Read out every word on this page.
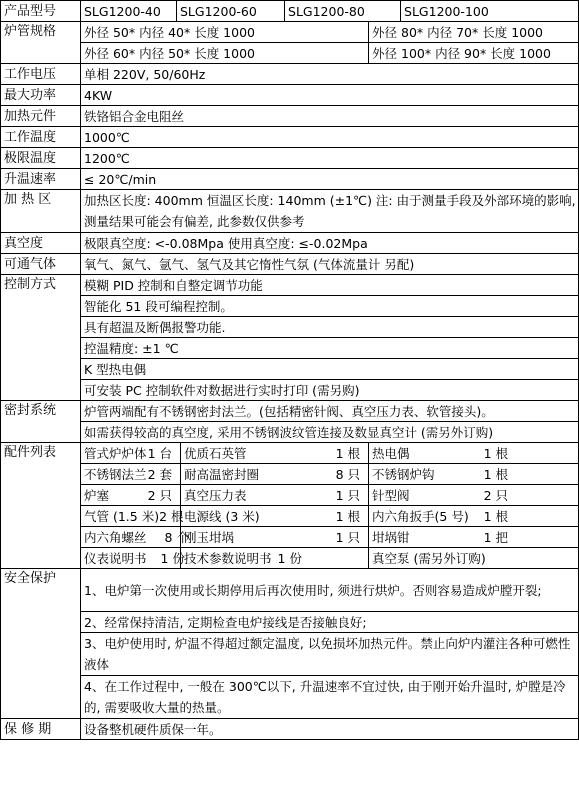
产品型号	SLG1200-40	SLG1200-60		SLG1200-80		SLG1200-100
炉管规格	外径 50* 内径 40* 长度 1000				外径 80* 内径 70* 长度 1000	
	外径 60* 内径 50* 长度 1000				外径 100* 内径 90* 长度 1000	
工作电压	单相 220V, 50/60Hz					
最大功率	4KW					
加热元件	铁铬铝合金电阻丝					
工作温度	1000℃					
极限温度	1200℃					
升温速率	≤ 20℃/min					
加 热 区	加热区长度: 400mm 恒温区长度: 140mm (±1℃) 注: 由于测量手段及外部环境的影响, 测量结果可能会有偏差, 此参数仅供参考					
真空度	极限真空度: <-0.08Mpa 使用真空度: ≤-0.02Mpa					
可通气体	氧气、氮气、氩气、氢气及其它惰性气氛 (气体流量计 另配)					
控制方式	模糊 PID 控制和自整定调节功能					
	智能化 51 段可编程控制。					
	具有超温及断偶报警功能.					
	控温精度: ±1 ℃					
	K 型热电偶					
	可安装 PC 控制软件对数据进行实时打印 (需另购)					
密封系统	炉管两端配有不锈钢密封法兰。(包括精密针阀、真空压力表、软管接头)。					
	如需获得较高的真空度, 采用不锈钢波纹管连接及数显真空计 (需另外订购)					
配件列表	管式炉炉体 1 台		优质石英管 1 根		热电偶 1 根	

	不锈钢法兰 2 套		耐高温密封圈 8 只		不锈钢炉钩 1 根	

	炉塞 2 只		真空压力表 1 只		针型阀 2 只	

	气管 (1.5 米) 2 根		电源线 (3 米) 1 根		内六角扳手(5 号) 1 根	

	内六角螺丝 8 个		刚玉坩埚 1 只		坩埚钳 1 把	

	仪表说明书 1 份		技术参数说明书 1 份		真空泵 (需另外订购)	

安全保护	1、电炉第一次使用或长期停用后再次使用时, 须进行烘炉。否则容易造成炉膛开裂;					
	2、经常保持清洁, 定期检查电炉接线是否接触良好;					
	3、电炉使用时, 炉温不得超过额定温度, 以免损坏加热元件。禁止向炉内灌注各种可燃性液体					
	4、在工作过程中, 一般在 300℃以下, 升温速率不宜过快, 由于刚开始升温时, 炉膛是冷的, 需要吸收大量的热量。					
保 修 期	设备整机硬件质保一年。					
